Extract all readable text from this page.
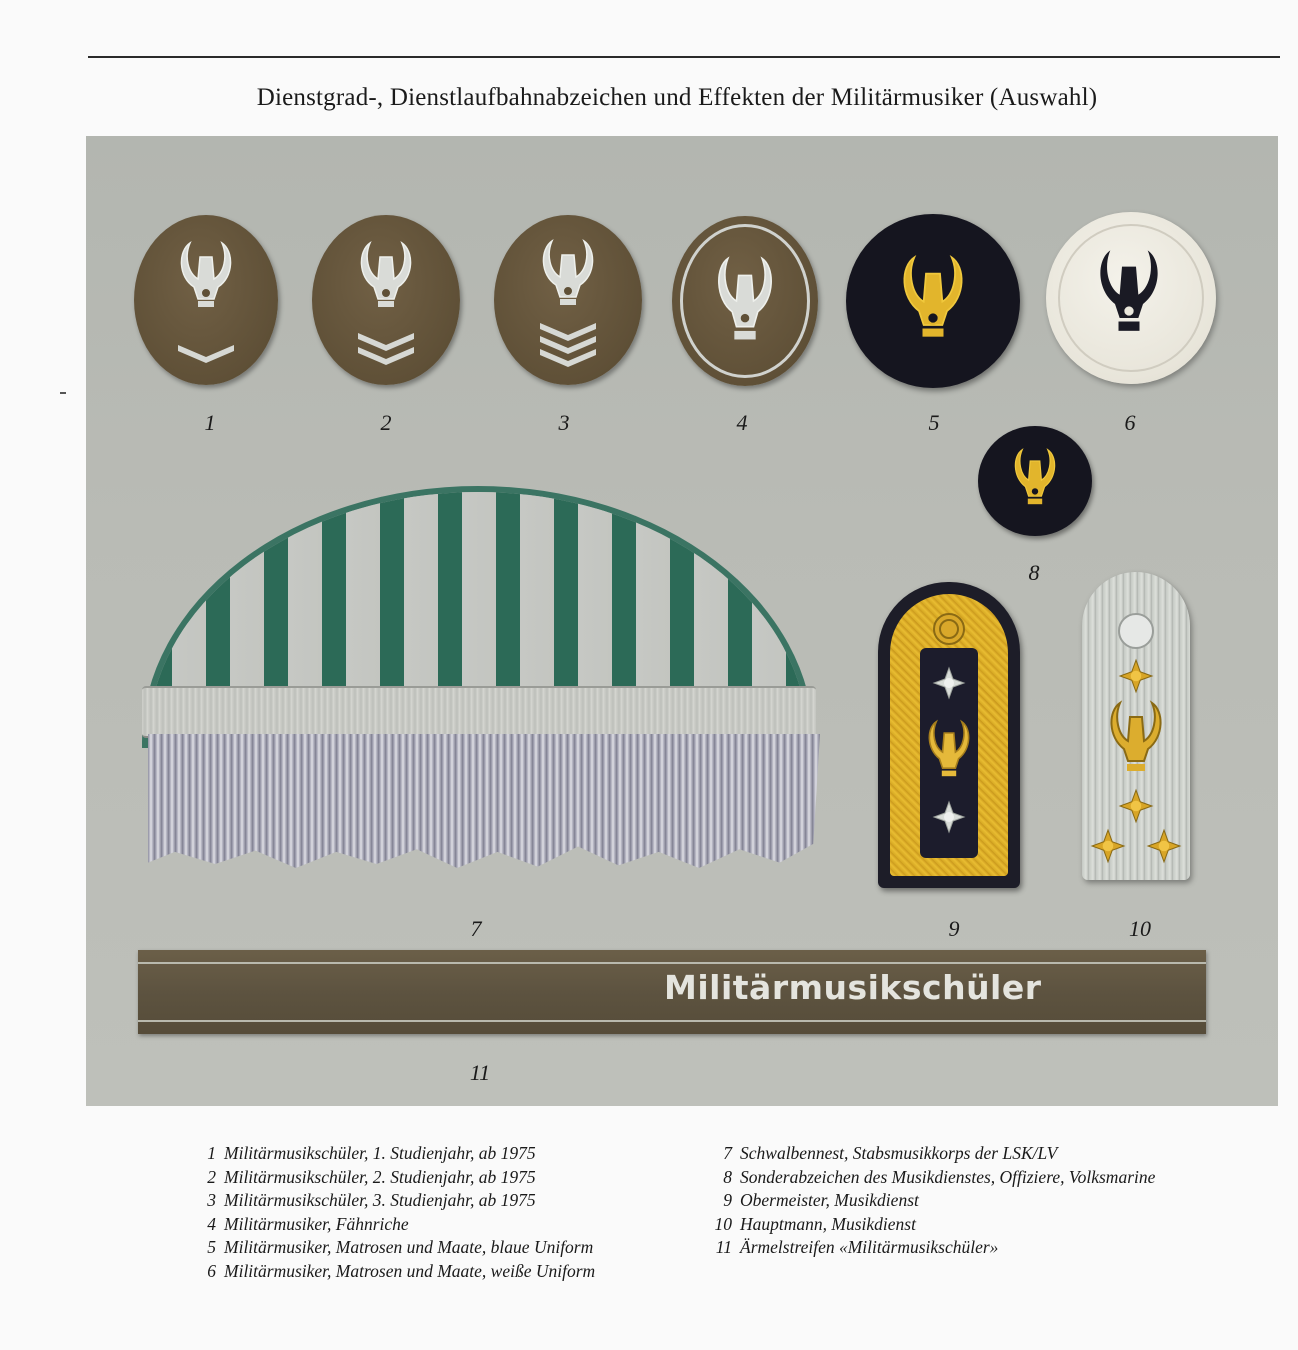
Dienstgrad-, Dienstlaufbahnabzeichen und Effekten der Militärmusiker (Auswahl)
Militärmusikschüler
1	2	3	4	5	6
7
8
9	10
11
1 Militärmusikschüler, 1. Studienjahr, ab 1975
2 Militärmusikschüler, 2. Studienjahr, ab 1975
3 Militärmusikschüler, 3. Studienjahr, ab 1975
4 Militärmusiker, Fähnriche
5 Militärmusiker, Matrosen und Maate, blaue Uniform
6 Militärmusiker, Matrosen und Maate, weiße Uniform
7 Schwalbennest, Stabsmusikkorps der LSK/LV
8 Sonderabzeichen des Musikdienstes, Offiziere, Volksmarine
9 Obermeister, Musikdienst
10 Hauptmann, Musikdienst
11 Ärmelstreifen «Militärmusikschüler»
